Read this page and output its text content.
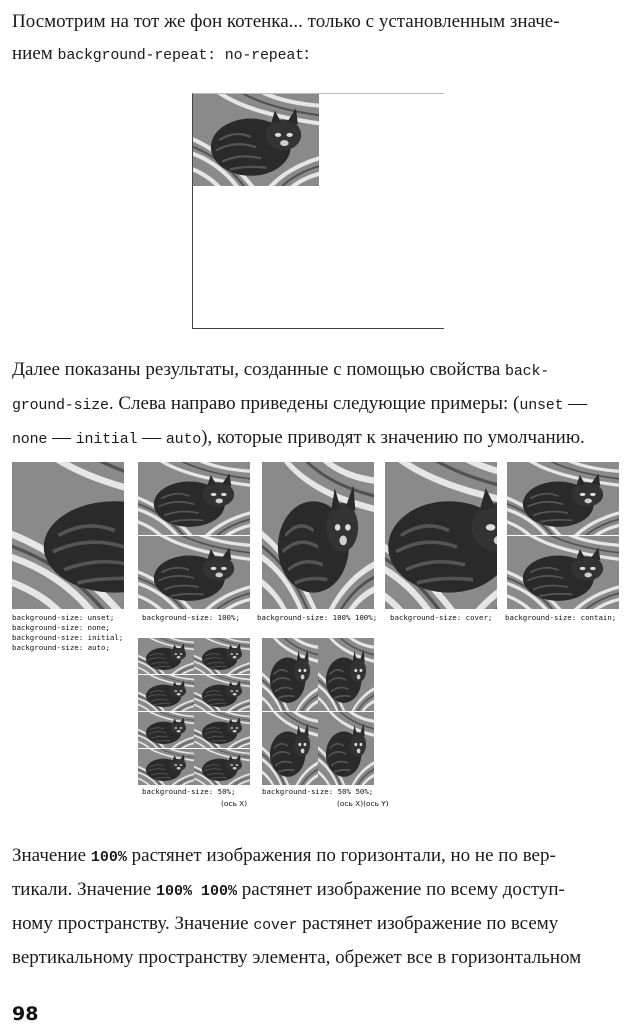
Посмотрим на тот же фон котенка... только с установленным значе-
нием background-repeat: no-repeat:

Далее показаны результаты, созданные с помощью свойства back-
ground-size. Слева направо приведены следующие примеры: (unset —
none — initial — auto), которые приводят к значению по умолчанию.

background-size: unset;
background-size: none;
background-size: initial;
background-size: auto;
background-size: 100%; background-size: 100% 100%; background-size: cover; background-size: contain;
background-size: 50%;
(ось X)
background-size: 50% 50%;
(ось X)(ось Y)

Значение 100% растянет изображения по горизонтали, но не по вер-
тикали. Значение 100% 100% растянет изображение по всему доступ-
ному пространству. Значение cover растянет изображение по всему
вертикальному пространству элемента, обрежет все в горизонтальном

98
